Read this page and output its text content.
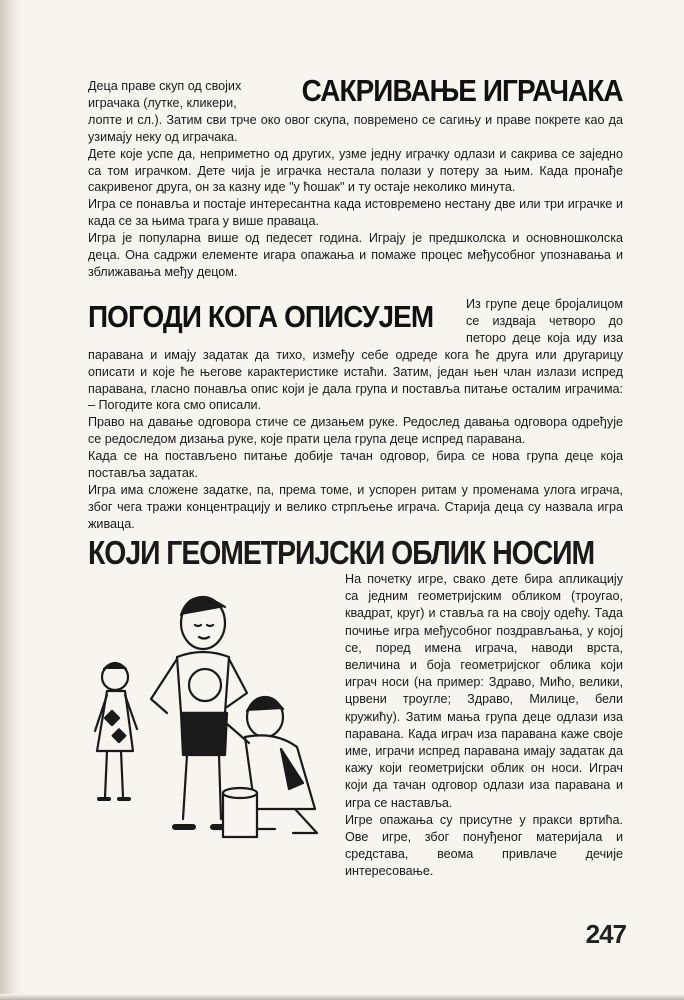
САКРИВАЊЕ ИГРАЧАКА

Деца праве скуп од својих

играчака (лутке, кликери,

лопте и сл.). Затим сви трче око овог скупа, повремено се сагињу и праве покрете као да узимају неку од играчака.

Дете које успе да, неприметно од других, узме једну играчку одлази и сакрива се заједно са том играчком. Дете чија је играчка нестала полази у потеру за њим. Када пронађе сакривеног друга, он за казну иде "у ћошак" и ту остаје неколико минута.

Игра се понавља и постаје интересантна када истовремено нестану две или три играчке и када се за њима трага у више праваца.

Игра је популарна више од педесет година. Играју је предшколска и основношколска деца. Она садржи елементе игара опажања и помаже процес међусобног упознавања и зближавања међу децом.

ПОГОДИ КОГА ОПИСУЈЕМ	Из групе деце бројалицом се издваја четворо до петоро деце која иду иза паравана и имају задатак да тихо, између себе одреде кога ће друга или другарицу описати и које ће његове карактеристике истаћи. Затим, један њен члан излази испред паравана, гласно понавља опис који је дала група и поставља питање осталим играчима: – Погодите кога смо описали.

Право на давање одговора стиче се дизањем руке. Редослед давања одговора одређује се редоследом дизања руке, које прати цела група деце испред паравана.

Када се на постављено питање добије тачан одговор, бира се нова група деце која поставља задатак.

Игра има сложене задатке, па, према томе, и успорен ритам у променама улога играча, због чега тражи концентрацију и велико стрпљење играча. Старија деца су назвала игра живаца.

КОЈИ ГЕОМЕТРИЈСКИ ОБЛИК НОСИМ

На почетку игре, свако дете бира апликацију са једним геометријским обликом (троугао, квадрат, круг) и ставља га на своју одећу. Тада почиње игра међусобног поздрављања, у којој се, поред имена играча, наводи врста, величина и боја геометријског облика који играч носи (на пример: Здраво, Мићо, велики, црвени троугле; Здраво, Милице, бели кружићу). Затим мања група деце одлази иза паравана. Када играч иза паравана каже своје име, играчи испред паравана имају задатак да кажу који геометријски облик он носи. Играч који да тачан одговор одлази иза паравана и игра се наставља.

Игре опажања су присутне у пракси вртића. Ове игре, због понуђеног материјала и средстава, веома привлаче дечије интересовање.

247
